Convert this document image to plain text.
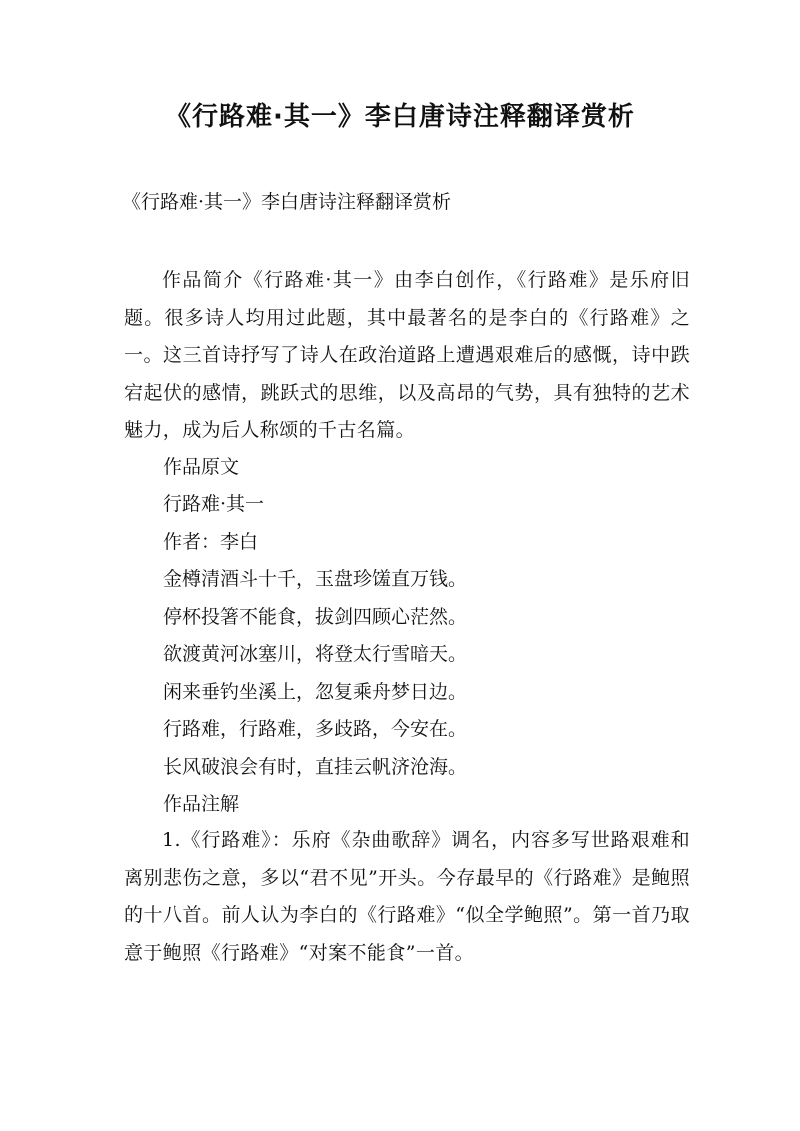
《行路难·其一》李白唐诗注释翻译赏析
《行路难·其一》李白唐诗注释翻译赏析

作品简介《行路难·其一》由李白创作，《行路难》是乐府旧题。很多诗人均用过此题，其中最著名的是李白的《行路难》之一。这三首诗抒写了诗人在政治道路上遭遇艰难后的感慨，诗中跌宕起伏的感情，跳跃式的思维，以及高昂的气势，具有独特的艺术魅力，成为后人称颂的千古名篇。

作品原文

行路难·其一

作者：李白

金樽清酒斗十千，玉盘珍馐直万钱。

停杯投箸不能食，拔剑四顾心茫然。

欲渡黄河冰塞川，将登太行雪暗天。

闲来垂钓坐溪上，忽复乘舟梦日边。

行路难，行路难，多歧路，今安在。

长风破浪会有时，直挂云帆济沧海。

作品注解

1.《行路难》：乐府《杂曲歌辞》调名，内容多写世路艰难和离别悲伤之意，多以“君不见”开头。今存最早的《行路难》是鲍照的十八首。前人认为李白的《行路难》“似全学鲍照”。第一首乃取意于鲍照《行路难》“对案不能食”一首。
